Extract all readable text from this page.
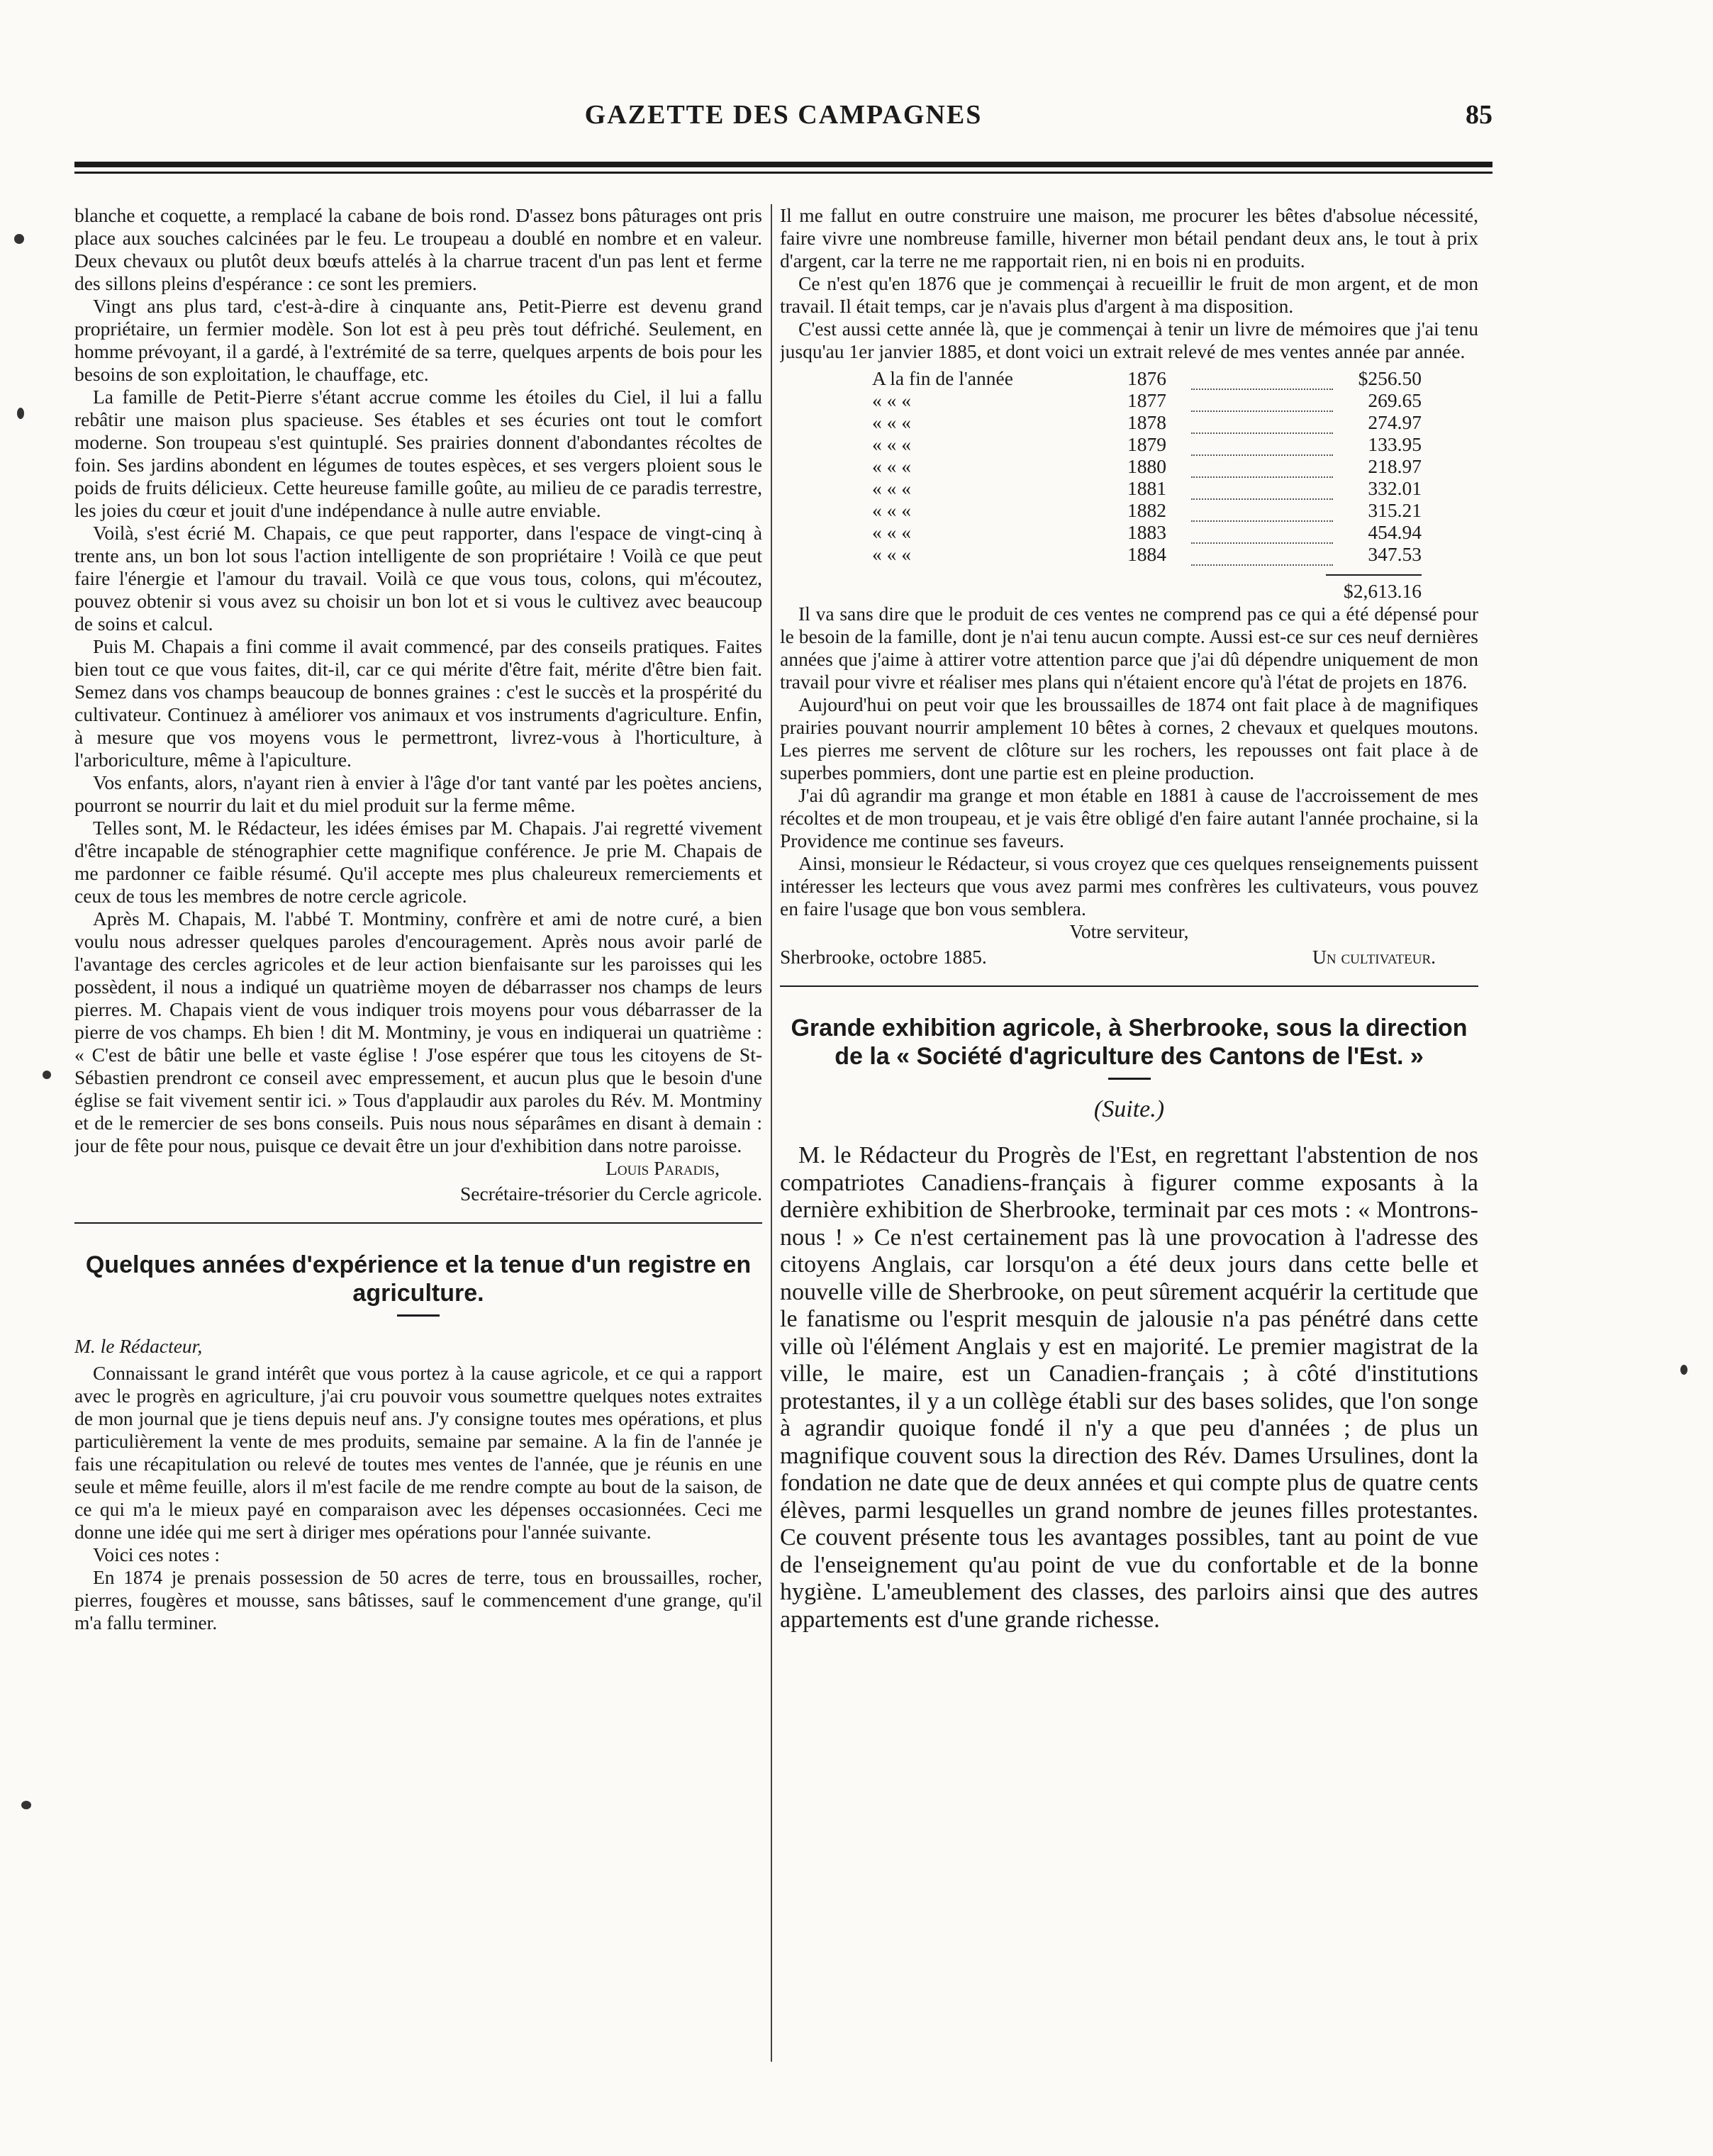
GAZETTE DES CAMPAGNES	85

blanche et coquette, a remplacé la cabane de bois rond. D'assez bons pâturages ont pris place aux souches calcinées par le feu. Le troupeau a doublé en nombre et en valeur. Deux chevaux ou plutôt deux bœufs attelés à la charrue tracent d'un pas lent et ferme des sillons pleins d'espérance : ce sont les premiers.

Vingt ans plus tard, c'est-à-dire à cinquante ans, Petit-Pierre est devenu grand propriétaire, un fermier modèle. Son lot est à peu près tout défriché. Seulement, en homme prévoyant, il a gardé, à l'extrémité de sa terre, quelques arpents de bois pour les besoins de son exploitation, le chauffage, etc.

La famille de Petit-Pierre s'étant accrue comme les étoiles du Ciel, il lui a fallu rebâtir une maison plus spacieuse. Ses étables et ses écuries ont tout le comfort moderne. Son troupeau s'est quintuplé. Ses prairies donnent d'abondantes récoltes de foin. Ses jardins abondent en légumes de toutes espèces, et ses vergers ploient sous le poids de fruits délicieux. Cette heureuse famille goûte, au milieu de ce paradis terrestre, les joies du cœur et jouit d'une indépendance à nulle autre enviable.

Voilà, s'est écrié M. Chapais, ce que peut rapporter, dans l'espace de vingt-cinq à trente ans, un bon lot sous l'action intelligente de son propriétaire ! Voilà ce que peut faire l'énergie et l'amour du travail. Voilà ce que vous tous, colons, qui m'écoutez, pouvez obtenir si vous avez su choisir un bon lot et si vous le cultivez avec beaucoup de soins et calcul.

Puis M. Chapais a fini comme il avait commencé, par des conseils pratiques. Faites bien tout ce que vous faites, dit-il, car ce qui mérite d'être fait, mérite d'être bien fait. Semez dans vos champs beaucoup de bonnes graines : c'est le succès et la prospérité du cultivateur. Continuez à améliorer vos animaux et vos instruments d'agriculture. Enfin, à mesure que vos moyens vous le permettront, livrez-vous à l'horticulture, à l'arboriculture, même à l'apiculture.

Vos enfants, alors, n'ayant rien à envier à l'âge d'or tant vanté par les poètes anciens, pourront se nourrir du lait et du miel produit sur la ferme même.

Telles sont, M. le Rédacteur, les idées émises par M. Chapais. J'ai regretté vivement d'être incapable de sténographier cette magnifique conférence. Je prie M. Chapais de me pardonner ce faible résumé. Qu'il accepte mes plus chaleureux remerciements et ceux de tous les membres de notre cercle agricole.

Après M. Chapais, M. l'abbé T. Montminy, confrère et ami de notre curé, a bien voulu nous adresser quelques paroles d'encouragement. Après nous avoir parlé de l'avantage des cercles agricoles et de leur action bienfaisante sur les paroisses qui les possèdent, il nous a indiqué un quatrième moyen de débarrasser nos champs de leurs pierres. M. Chapais vient de vous indiquer trois moyens pour vous débarrasser de la pierre de vos champs. Eh bien ! dit M. Montminy, je vous en indiquerai un quatrième : « C'est de bâtir une belle et vaste église ! J'ose espérer que tous les citoyens de St-Sébastien prendront ce conseil avec empressement, et aucun plus que le besoin d'une église se fait vivement sentir ici. » Tous d'applaudir aux paroles du Rév. M. Montminy et de le remercier de ses bons conseils. Puis nous nous séparâmes en disant à demain : jour de fête pour nous, puisque ce devait être un jour d'exhibition dans notre paroisse.

Louis Paradis,

Secrétaire-trésorier du Cercle agricole.

Quelques années d'expérience et la tenue d'un registre en agriculture.

M. le Rédacteur,

Connaissant le grand intérêt que vous portez à la cause agricole, et ce qui a rapport avec le progrès en agriculture, j'ai cru pouvoir vous soumettre quelques notes extraites de mon journal que je tiens depuis neuf ans. J'y consigne toutes mes opérations, et plus particulièrement la vente de mes produits, semaine par semaine. A la fin de l'année je fais une récapitulation ou relevé de toutes mes ventes de l'année, que je réunis en une seule et même feuille, alors il m'est facile de me rendre compte au bout de la saison, de ce qui m'a le mieux payé en comparaison avec les dépenses occasionnées. Ceci me donne une idée qui me sert à diriger mes opérations pour l'année suivante.

Voici ces notes :

En 1874 je prenais possession de 50 acres de terre, tous en broussailles, rocher, pierres, fougères et mousse, sans bâtisses, sauf le commencement d'une grange, qu'il m'a fallu terminer.

Il me fallut en outre construire une maison, me procurer les bêtes d'absolue nécessité, faire vivre une nombreuse famille, hiverner mon bétail pendant deux ans, le tout à prix d'argent, car la terre ne me rapportait rien, ni en bois ni en produits.

Ce n'est qu'en 1876 que je commençai à recueillir le fruit de mon argent, et de mon travail. Il était temps, car je n'avais plus d'argent à ma disposition.

C'est aussi cette année là, que je commençai à tenir un livre de mémoires que j'ai tenu jusqu'au 1er janvier 1885, et dont voici un extrait relevé de mes ventes année par année.

A la fin de l'année	1876		$256.50
« « «	1877		269.65
« « «	1878		274.97
« « «	1879		133.95
« « «	1880		218.97
« « «	1881		332.01
« « «	1882		315.21
« « «	1883		454.94
« « «	1884		347.53

$2,613.16

Il va sans dire que le produit de ces ventes ne comprend pas ce qui a été dépensé pour le besoin de la famille, dont je n'ai tenu aucun compte. Aussi est-ce sur ces neuf dernières années que j'aime à attirer votre attention parce que j'ai dû dépendre uniquement de mon travail pour vivre et réaliser mes plans qui n'étaient encore qu'à l'état de projets en 1876.

Aujourd'hui on peut voir que les broussailles de 1874 ont fait place à de magnifiques prairies pouvant nourrir amplement 10 bêtes à cornes, 2 chevaux et quelques moutons. Les pierres me servent de clôture sur les rochers, les repousses ont fait place à de superbes pommiers, dont une partie est en pleine production.

J'ai dû agrandir ma grange et mon étable en 1881 à cause de l'accroissement de mes récoltes et de mon troupeau, et je vais être obligé d'en faire autant l'année prochaine, si la Providence me continue ses faveurs.

Ainsi, monsieur le Rédacteur, si vous croyez que ces quelques renseignements puissent intéresser les lecteurs que vous avez parmi mes confrères les cultivateurs, vous pouvez en faire l'usage que bon vous semblera.

Votre serviteur,

Sherbrooke, octobre 1885.	Un cultivateur.
Grande exhibition agricole, à Sherbrooke, sous la direction de la « Société d'agriculture des Cantons de l'Est. »

(Suite.)

M. le Rédacteur du Progrès de l'Est, en regrettant l'abstention de nos compatriotes Canadiens-français à figurer comme exposants à la dernière exhibition de Sherbrooke, terminait par ces mots : « Montrons-nous ! » Ce n'est certainement pas là une provocation à l'adresse des citoyens Anglais, car lorsqu'on a été deux jours dans cette belle et nouvelle ville de Sherbrooke, on peut sûrement acquérir la certitude que le fanatisme ou l'esprit mesquin de jalousie n'a pas pénétré dans cette ville où l'élément Anglais y est en majorité. Le premier magistrat de la ville, le maire, est un Canadien-français ; à côté d'institutions protestantes, il y a un collège établi sur des bases solides, que l'on songe à agrandir quoique fondé il n'y a que peu d'années ; de plus un magnifique couvent sous la direction des Rév. Dames Ursulines, dont la fondation ne date que de deux années et qui compte plus de quatre cents élèves, parmi lesquelles un grand nombre de jeunes filles protestantes. Ce couvent présente tous les avantages possibles, tant au point de vue de l'enseignement qu'au point de vue du confortable et de la bonne hygiène. L'ameublement des classes, des parloirs ainsi que des autres appartements est d'une grande richesse.
